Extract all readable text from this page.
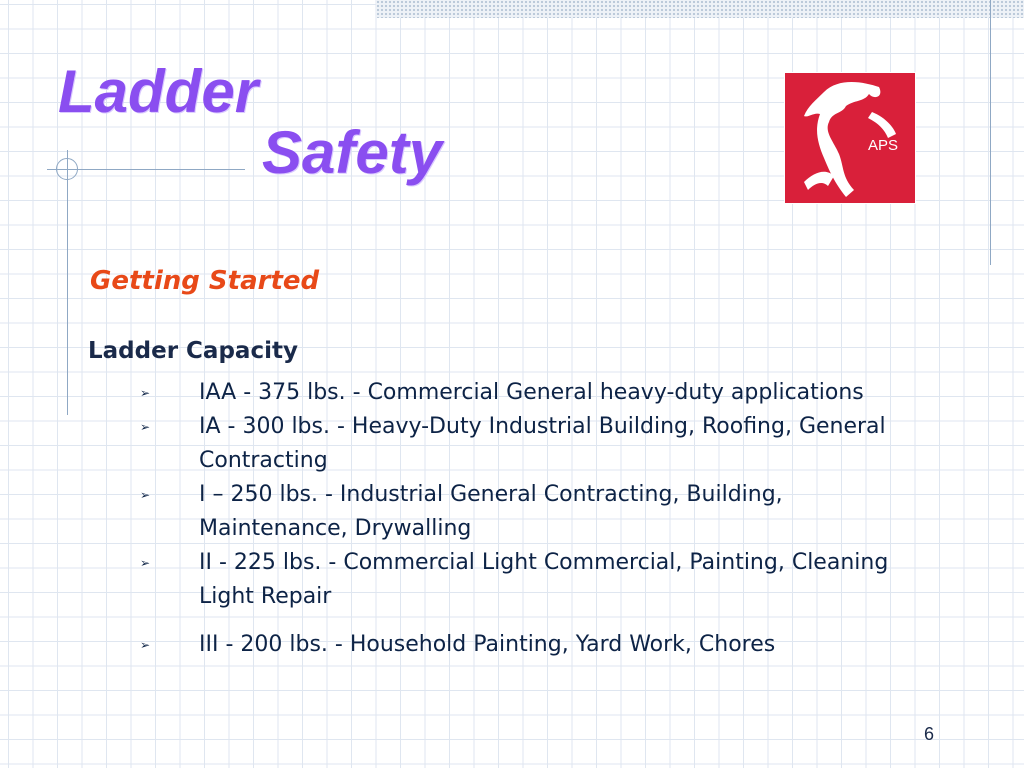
Ladder
Safety	APS
Getting Started
Ladder Capacity
➢ IAA - 375 lbs. - Commercial General heavy-duty applications
➢ IA - 300 lbs. - Heavy-Duty Industrial Building, Roofing, General Contracting
➢ I – 250 lbs. - Industrial General Contracting, Building, Maintenance, Drywalling
➢ II - 225 lbs. - Commercial Light Commercial, Painting, Cleaning Light Repair
➢ III - 200 lbs. - Household Painting, Yard Work, Chores
6
